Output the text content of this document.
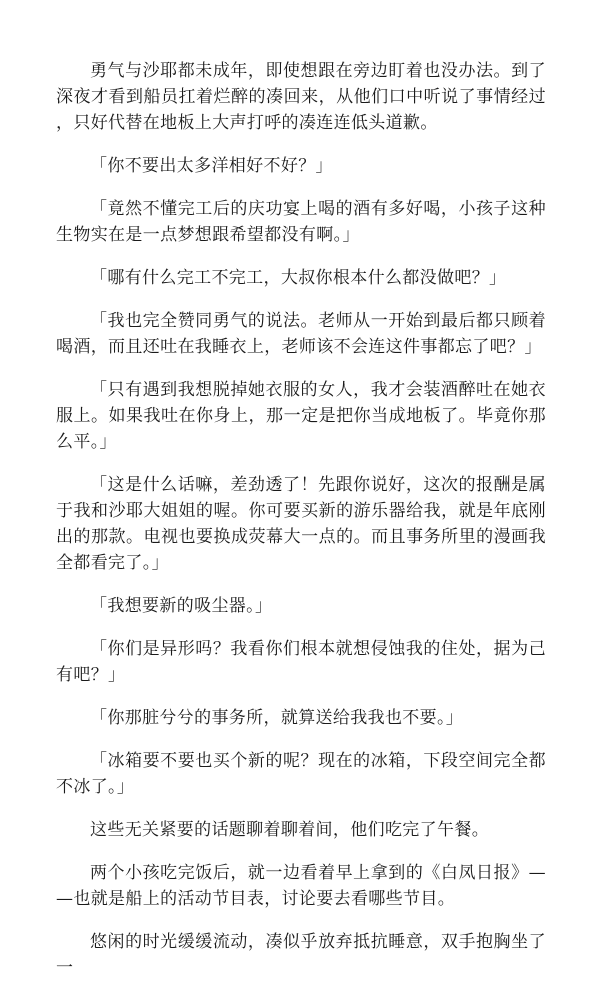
勇气与沙耶都未成年，即使想跟在旁边盯着也没办法。到了深夜才看到船员扛着烂醉的凑回来，从他们口中听说了事情经过，只好代替在地板上大声打呼的凑连连低头道歉。

「你不要出太多洋相好不好？」

「竟然不懂完工后的庆功宴上喝的酒有多好喝，小孩子这种生物实在是一点梦想跟希望都没有啊。」

「哪有什么完工不完工，大叔你根本什么都没做吧？」

「我也完全赞同勇气的说法。老师从一开始到最后都只顾着喝酒，而且还吐在我睡衣上，老师该不会连这件事都忘了吧？」

「只有遇到我想脱掉她衣服的女人，我才会装酒醉吐在她衣服上。如果我吐在你身上，那一定是把你当成地板了。毕竟你那么平。」

「这是什么话嘛，差劲透了！先跟你说好，这次的报酬是属于我和沙耶大姐姐的喔。你可要买新的游乐器给我，就是年底刚出的那款。电视也要换成荧幕大一点的。而且事务所里的漫画我全都看完了。」

「我想要新的吸尘器。」

「你们是异形吗？我看你们根本就想侵蚀我的住处，据为己有吧？」

「你那脏兮兮的事务所，就算送给我我也不要。」

「冰箱要不要也买个新的呢？现在的冰箱，下段空间完全都不冰了。」

这些无关紧要的话题聊着聊着间，他们吃完了午餐。

两个小孩吃完饭后，就一边看着早上拿到的《白凤日报》——也就是船上的活动节目表，讨论要去看哪些节目。

悠闲的时光缓缓流动，凑似乎放弃抵抗睡意，双手抱胸坐了一
